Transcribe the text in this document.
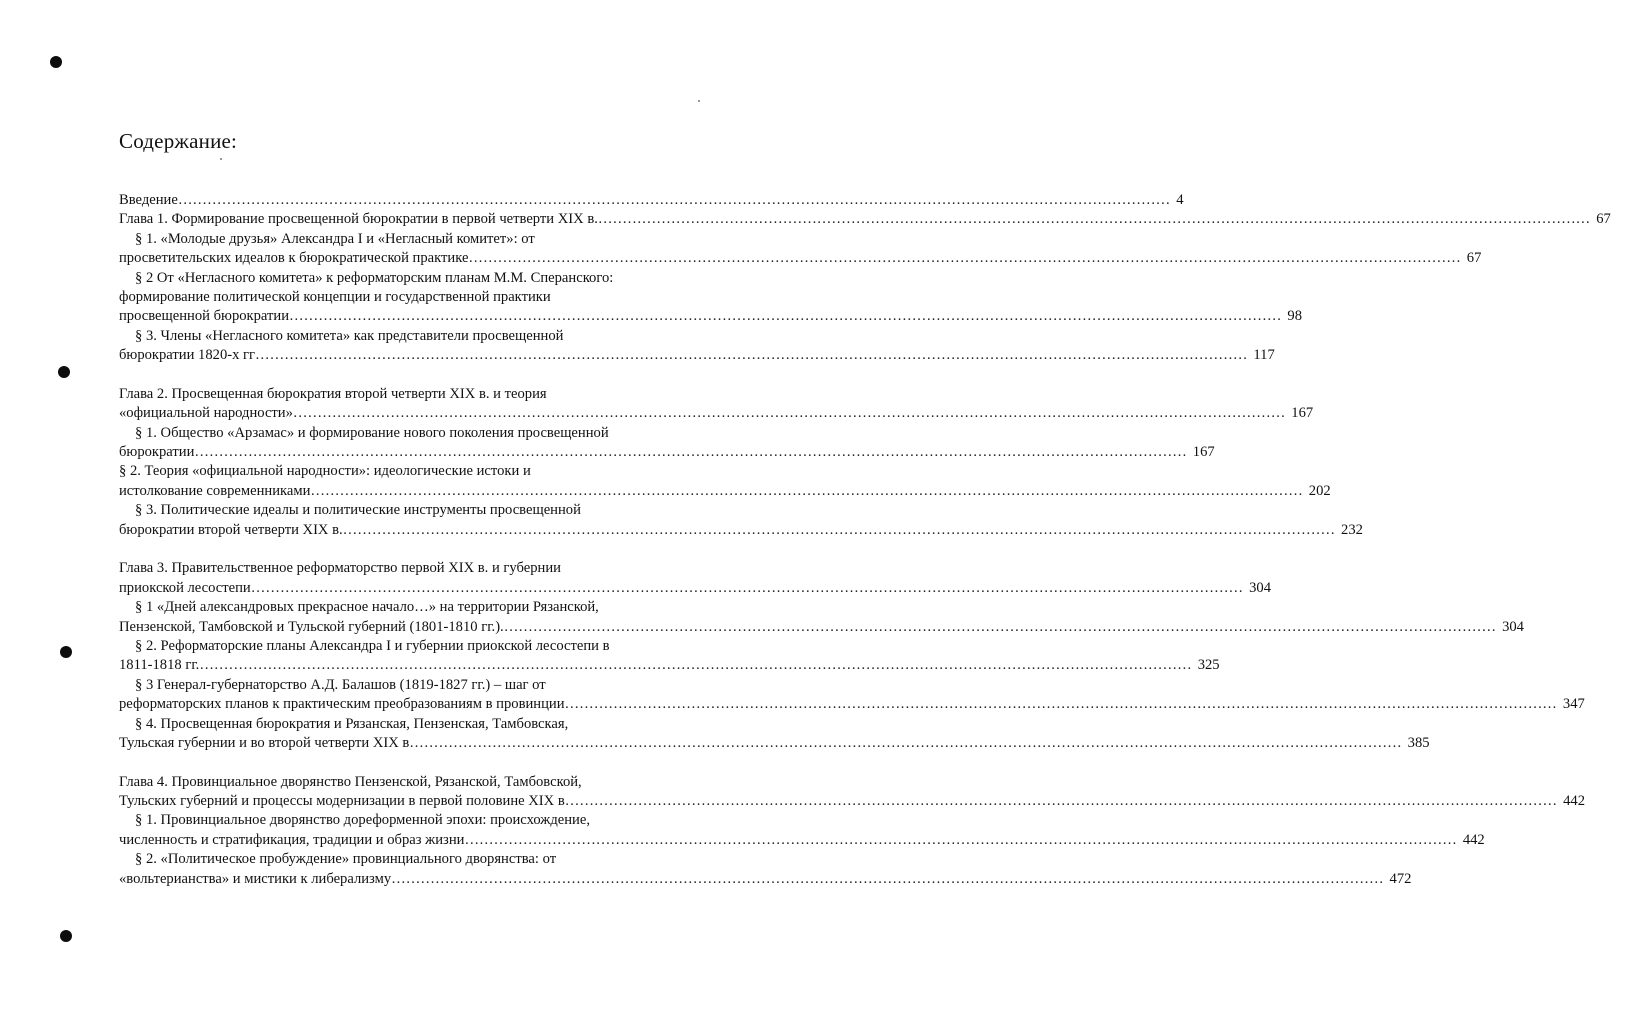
Содержание:
Введение ……………………………………………………………………………………………………………………………………………………………………………………	4
Глава 1. Формирование просвещенной бюрократии в первой четверти XIX в. ……………………………………………………………………………………………………………………………………………………………………………………	67
§ 1. «Молодые друзья» Александра I и «Негласный комитет»: от
просветительских идеалов к бюрократической практике ……………………………………………………………………………………………………………………………………………………………………………………	67
§ 2 От «Негласного комитета» к реформаторским планам М.М. Сперанского:
формирование политической концепции и государственной практики
просвещенной бюрократии ……………………………………………………………………………………………………………………………………………………………………………………	98
§ 3. Члены «Негласного комитета» как представители просвещенной
бюрократии 1820-х гг ……………………………………………………………………………………………………………………………………………………………………………………	117
Глава 2. Просвещенная бюрократия второй четверти XIX в. и теория
«официальной народности» ……………………………………………………………………………………………………………………………………………………………………………………	167
§ 1. Общество «Арзамас» и формирование нового поколения просвещенной
бюрократии ……………………………………………………………………………………………………………………………………………………………………………………	167
§ 2. Теория «официальной народности»: идеологические истоки и
истолкование современниками ……………………………………………………………………………………………………………………………………………………………………………………	202
§ 3. Политические идеалы и политические инструменты просвещенной
бюрократии второй четверти XIX в. ……………………………………………………………………………………………………………………………………………………………………………………	232
Глава 3. Правительственное реформаторство первой XIX в. и губернии
приокской лесостепи ……………………………………………………………………………………………………………………………………………………………………………………	304
§ 1 «Дней александровых прекрасное начало…» на территории Рязанской,
Пензенской, Тамбовской и Тульской губерний (1801-1810 гг.). ……………………………………………………………………………………………………………………………………………………………………………………	304
§ 2. Реформаторские планы Александра I и губернии приокской лесостепи в
1811-1818 гг. ……………………………………………………………………………………………………………………………………………………………………………………	325
§ 3 Генерал-губернаторство А.Д. Балашов (1819-1827 гг.) – шаг от
реформаторских планов к практическим преобразованиям в провинции ……………………………………………………………………………………………………………………………………………………………………………………	347
§ 4. Просвещенная бюрократия и Рязанская, Пензенская, Тамбовская,
Тульская губернии и во второй четверти XIX в ……………………………………………………………………………………………………………………………………………………………………………………	385
Глава 4. Провинциальное дворянство Пензенской, Рязанской, Тамбовской,
Тульских губерний и процессы модернизации в первой половине XIX в ……………………………………………………………………………………………………………………………………………………………………………………	442
§ 1. Провинциальное дворянство дореформенной эпохи: происхождение,
численность и стратификация, традиции и образ жизни ……………………………………………………………………………………………………………………………………………………………………………………	442
§ 2. «Политическое пробуждение» провинциального дворянства: от
«вольтерианства» и мистики к либерализму ……………………………………………………………………………………………………………………………………………………………………………………	472
